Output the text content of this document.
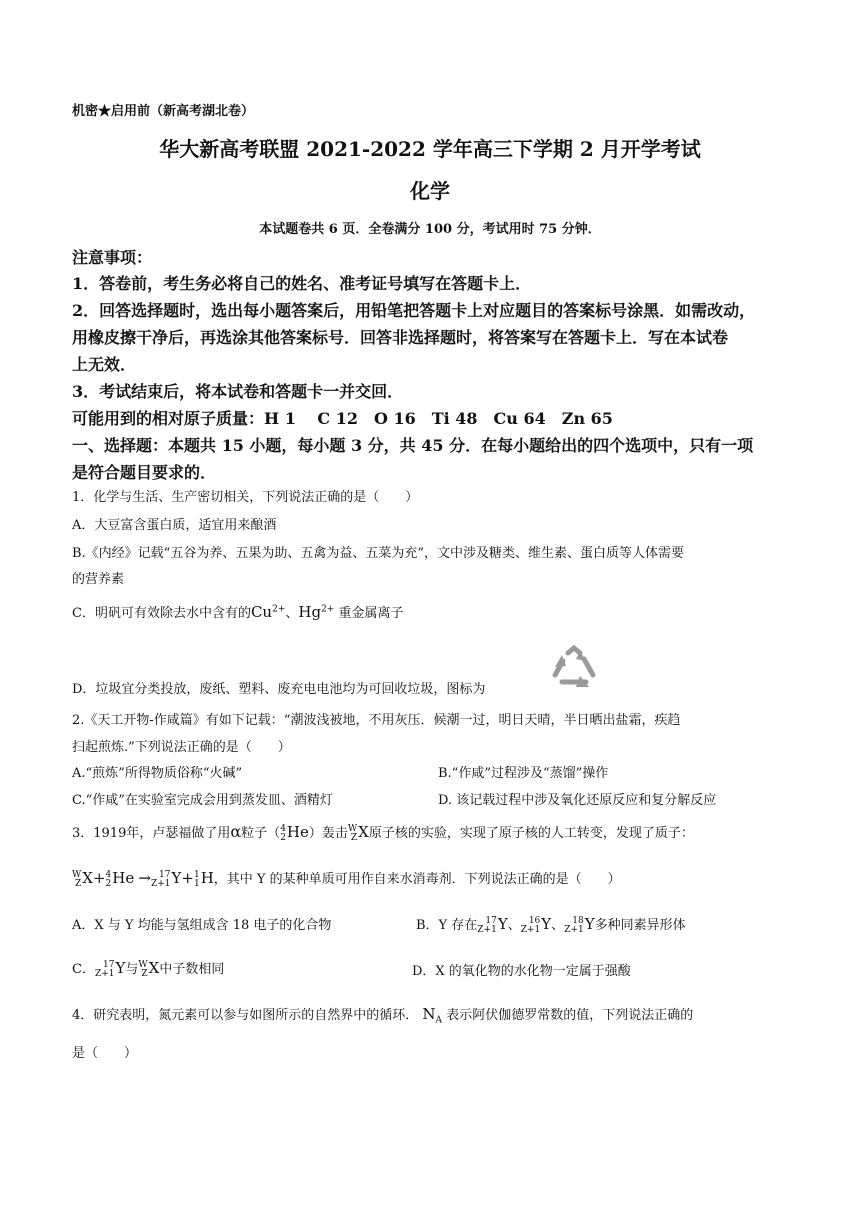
机密★启用前（新高考湖北卷）
华大新高考联盟 2021-2022 学年高三下学期 2 月开学考试
化学
本试题卷共 6 页．全卷满分 100 分，考试用时 75 分钟．
注意事项：
1．答卷前，考生务必将自己的姓名、准考证号填写在答题卡上．
2．回答选择题时，选出每小题答案后，用铅笔把答题卡上对应题目的答案标号涂黑．如需改动，
用橡皮擦干净后，再选涂其他答案标号．回答非选择题时，将答案写在答题卡上．写在本试卷
上无效．
3．考试结束后，将本试卷和答题卡一并交回．
可能用到的相对原子质量：H 1　 C 12　O 16　Ti 48　Cu 64　Zn 65
一、选择题：本题共 15 小题，每小题 3 分，共 45 分．在每小题给出的四个选项中，只有一项
是符合题目要求的．
1．化学与生活、生产密切相关，下列说法正确的是（　　）
A．大豆富含蛋白质，适宜用来酿酒
B.《内经》记载“五谷为养、五果为助、五禽为益、五菜为充”，文中涉及糖类、维生素、蛋白质等人体需要
的营养素
C．明矾可有效除去水中含有的$Cu^{2+}$、$Hg^{2+}$ 重金属离子
D．垃圾宜分类投放，废纸、塑料、废充电电池均为可回收垃圾，图标为
2.《天工开物-作咸篇》有如下记载：“潮波浅被地，不用灰压．候潮一过，明日天晴，半日晒出盐霜，疾趋
扫起煎炼.”下列说法正确的是（　　）
A.“煎炼”所得物质俗称“火碱”	B.“作咸”过程涉及“蒸馏”操作
C.“作咸”在实验室完成会用到蒸发皿、酒精灯	D. 该记载过程中涉及氧化还原反应和复分解反应
3．1919年，卢瑟福做了用α粒子（4
2He）轰击W
ZX原子核的实验，实现了原子核的人工转变，发现了质子：
W
ZX+4
2He → 17
Z+1Y+1
1H，其中 Y 的某种单质可用作自来水消毒剂．下列说法正确的是（　　）
A．X 与 Y 均能与氢组成含 18 电子的化合物	B．Y 存在 17
Z+1Y、 16
Z+1Y、 18
Z+1Y多种同素异形体
C． 17
Z+1Y与W
ZX中子数相同	D．X 的氧化物的水化物一定属于强酸
4．研究表明，氮元素可以参与如图所示的自然界中的循环． $N_A$ 表示阿伏伽德罗常数的值，下列说法正确的
是（　　）
